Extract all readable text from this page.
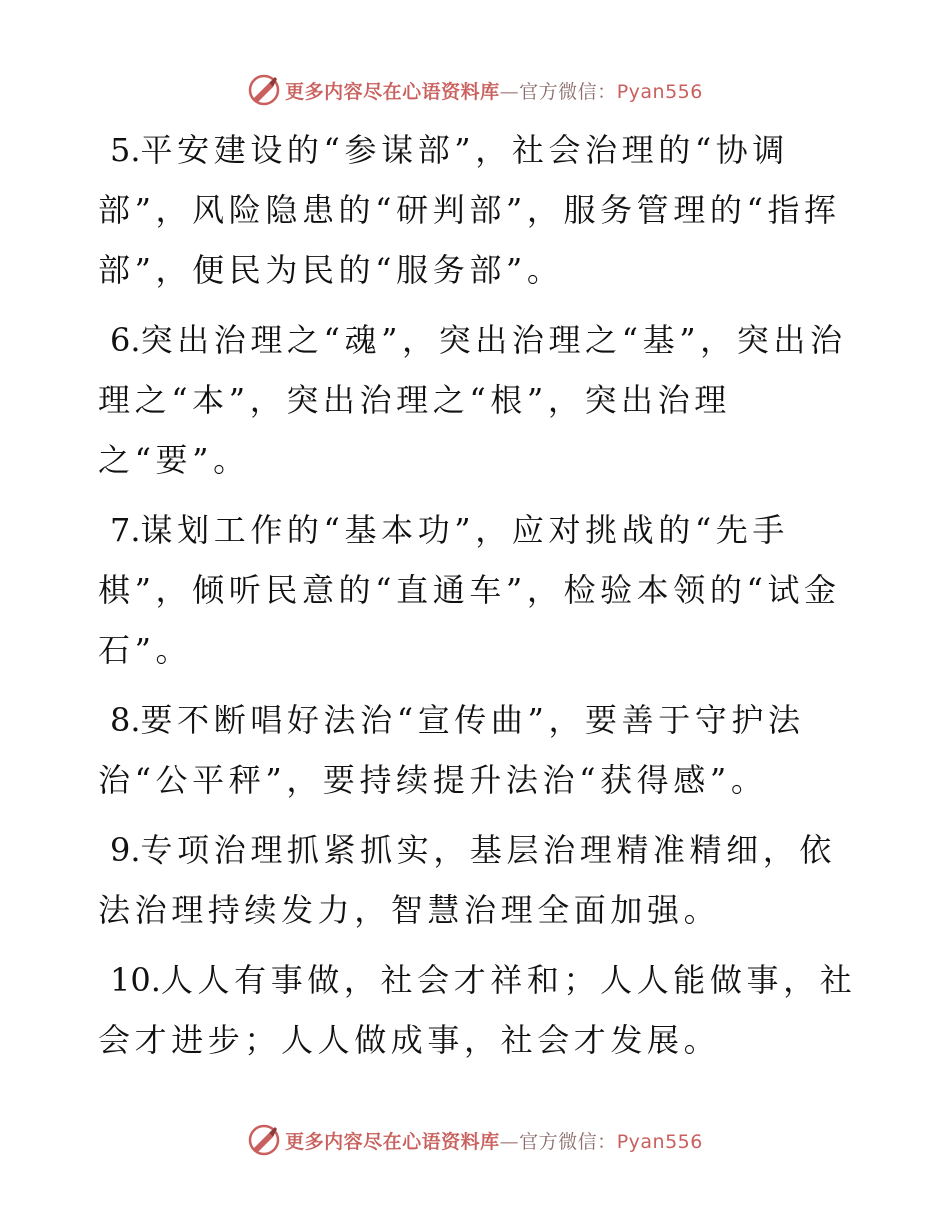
更多内容尽在心语资料库—官方微信：Pyan556

5.平安建设的“参谋部”，社会治理的“协调部”，风险隐患的“研判部”，服务管理的“指挥部”，便民为民的“服务部”。

6.突出治理之“魂”，突出治理之“基”，突出治理之“本”，突出治理之“根”，突出治理之“要”。

7.谋划工作的“基本功”，应对挑战的“先手棋”，倾听民意的“直通车”，检验本领的“试金石”。

8.要不断唱好法治“宣传曲”，要善于守护法治“公平秤”，要持续提升法治“获得感”。

9.专项治理抓紧抓实，基层治理精准精细，依法治理持续发力，智慧治理全面加强。

10.人人有事做，社会才祥和；人人能做事，社会才进步；人人做成事，社会才发展。

更多内容尽在心语资料库—官方微信：Pyan556
